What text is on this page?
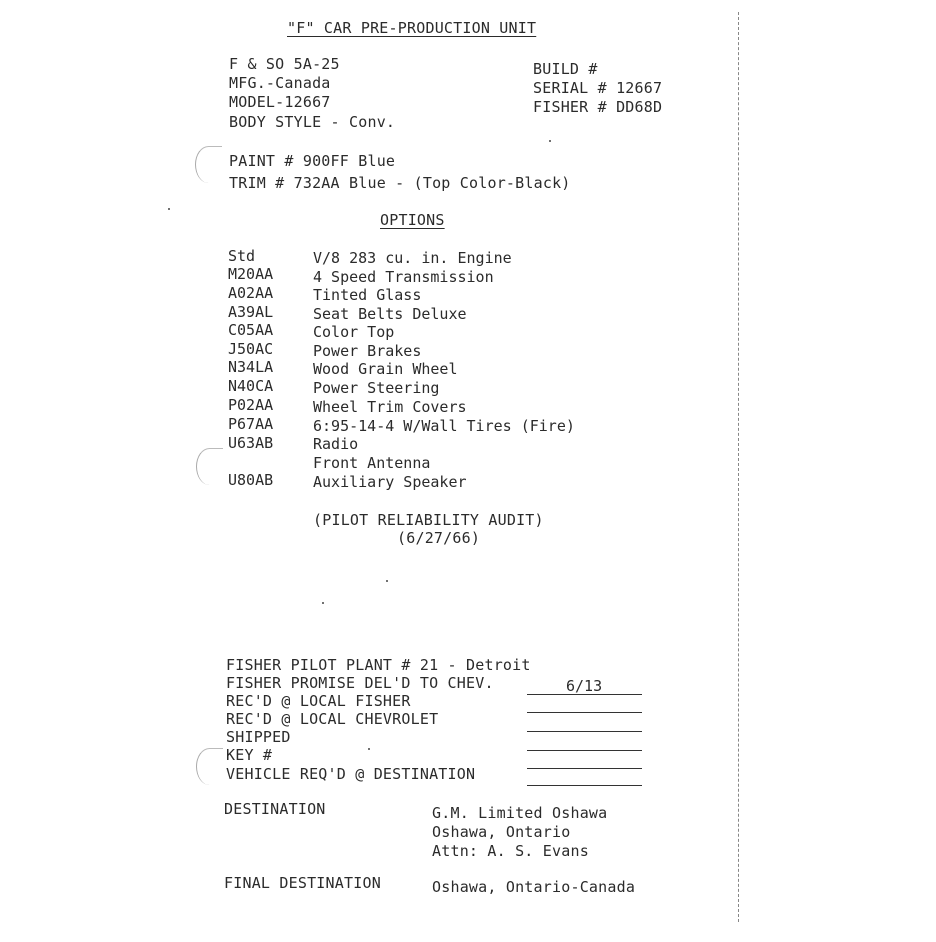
"F" CAR PRE-PRODUCTION UNIT
F & SO 5A-25
MFG.-Canada
MODEL-12667
BODY STYLE - Conv.
BUILD #
SERIAL # 12667
FISHER # DD68D
PAINT # 900FF Blue
TRIM # 732AA Blue - (Top Color-Black)
OPTIONS
Std	V/8 283 cu. in. Engine
M20AA	4 Speed Transmission
A02AA	Tinted Glass
A39AL	Seat Belts Deluxe
C05AA	Color Top
J50AC	Power Brakes
N34LA	Wood Grain Wheel
N40CA	Power Steering
P02AA	Wheel Trim Covers
P67AA	6:95-14-4 W/Wall Tires (Fire)
U63AB	Radio
Front Antenna
U80AB	Auxiliary Speaker
(PILOT RELIABILITY AUDIT)
(6/27/66)
FISHER PILOT PLANT # 21 - Detroit
FISHER PROMISE DEL'D TO CHEV.	6/13
REC'D @ LOCAL FISHER
REC'D @ LOCAL CHEVROLET
SHIPPED
KEY #
VEHICLE REQ'D @ DESTINATION
DESTINATION	G.M. Limited Oshawa
Oshawa, Ontario
Attn: A. S. Evans
FINAL DESTINATION	Oshawa, Ontario-Canada
